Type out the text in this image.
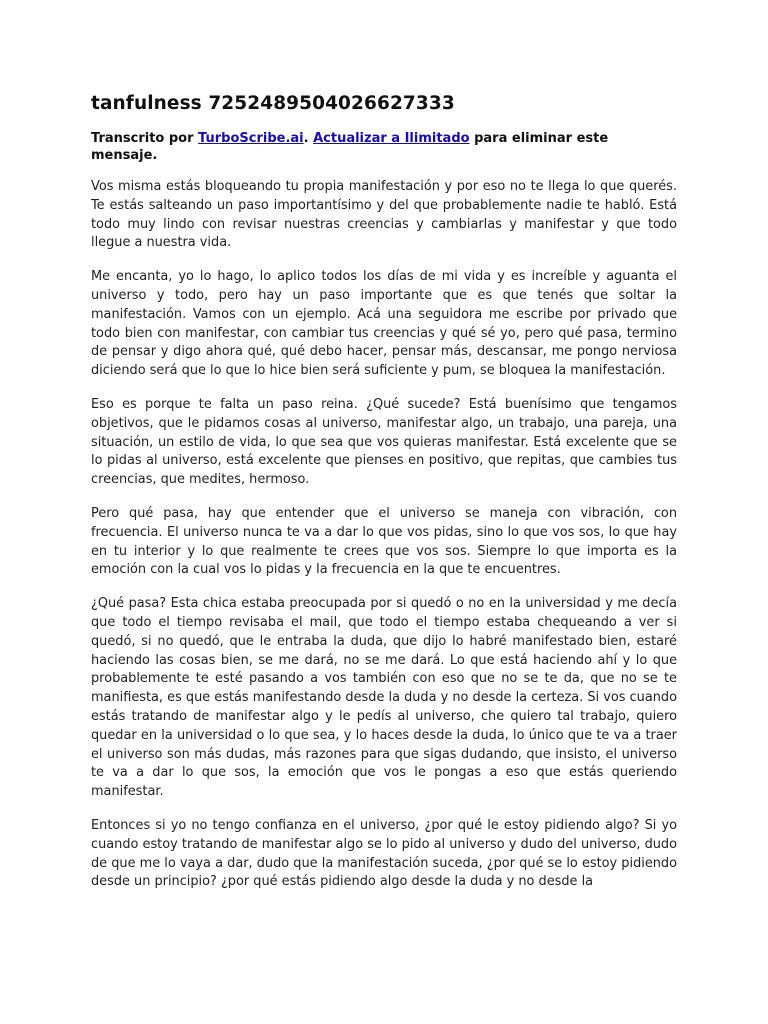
tanfulness 7252489504026627333

Transcrito por TurboScribe.ai. Actualizar a Ilimitado para eliminar este mensaje.

Vos misma estás bloqueando tu propia manifestación y por eso no te llega lo que querés. Te estás salteando un paso importantísimo y del que probablemente nadie te habló. Está todo muy lindo con revisar nuestras creencias y cambiarlas y manifestar y que todo llegue a nuestra vida.

Me encanta, yo lo hago, lo aplico todos los días de mi vida y es increíble y aguanta el universo y todo, pero hay un paso importante que es que tenés que soltar la manifestación. Vamos con un ejemplo. Acá una seguidora me escribe por privado que todo bien con manifestar, con cambiar tus creencias y qué sé yo, pero qué pasa, termino de pensar y digo ahora qué, qué debo hacer, pensar más, descansar, me pongo nerviosa diciendo será que lo que lo hice bien será suficiente y pum, se bloquea la manifestación.

Eso es porque te falta un paso reina. ¿Qué sucede? Está buenísimo que tengamos objetivos, que le pidamos cosas al universo, manifestar algo, un trabajo, una pareja, una situación, un estilo de vida, lo que sea que vos quieras manifestar. Está excelente que se lo pidas al universo, está excelente que pienses en positivo, que repitas, que cambies tus creencias, que medites, hermoso.

Pero qué pasa, hay que entender que el universo se maneja con vibración, con frecuencia. El universo nunca te va a dar lo que vos pidas, sino lo que vos sos, lo que hay en tu interior y lo que realmente te crees que vos sos. Siempre lo que importa es la emoción con la cual vos lo pidas y la frecuencia en la que te encuentres.

¿Qué pasa? Esta chica estaba preocupada por si quedó o no en la universidad y me decía que todo el tiempo revisaba el mail, que todo el tiempo estaba chequeando a ver si quedó, si no quedó, que le entraba la duda, que dijo lo habré manifestado bien, estaré haciendo las cosas bien, se me dará, no se me dará. Lo que está haciendo ahí y lo que probablemente te esté pasando a vos también con eso que no se te da, que no se te manifiesta, es que estás manifestando desde la duda y no desde la certeza. Si vos cuando estás tratando de manifestar algo y le pedís al universo, che quiero tal trabajo, quiero quedar en la universidad o lo que sea, y lo haces desde la duda, lo único que te va a traer el universo son más dudas, más razones para que sigas dudando, que insisto, el universo te va a dar lo que sos, la emoción que vos le pongas a eso que estás queriendo manifestar.

Entonces si yo no tengo confianza en el universo, ¿por qué le estoy pidiendo algo? Si yo cuando estoy tratando de manifestar algo se lo pido al universo y dudo del universo, dudo de que me lo vaya a dar, dudo que la manifestación suceda, ¿por qué se lo estoy pidiendo desde un principio? ¿por qué estás pidiendo algo desde la duda y no desde la
